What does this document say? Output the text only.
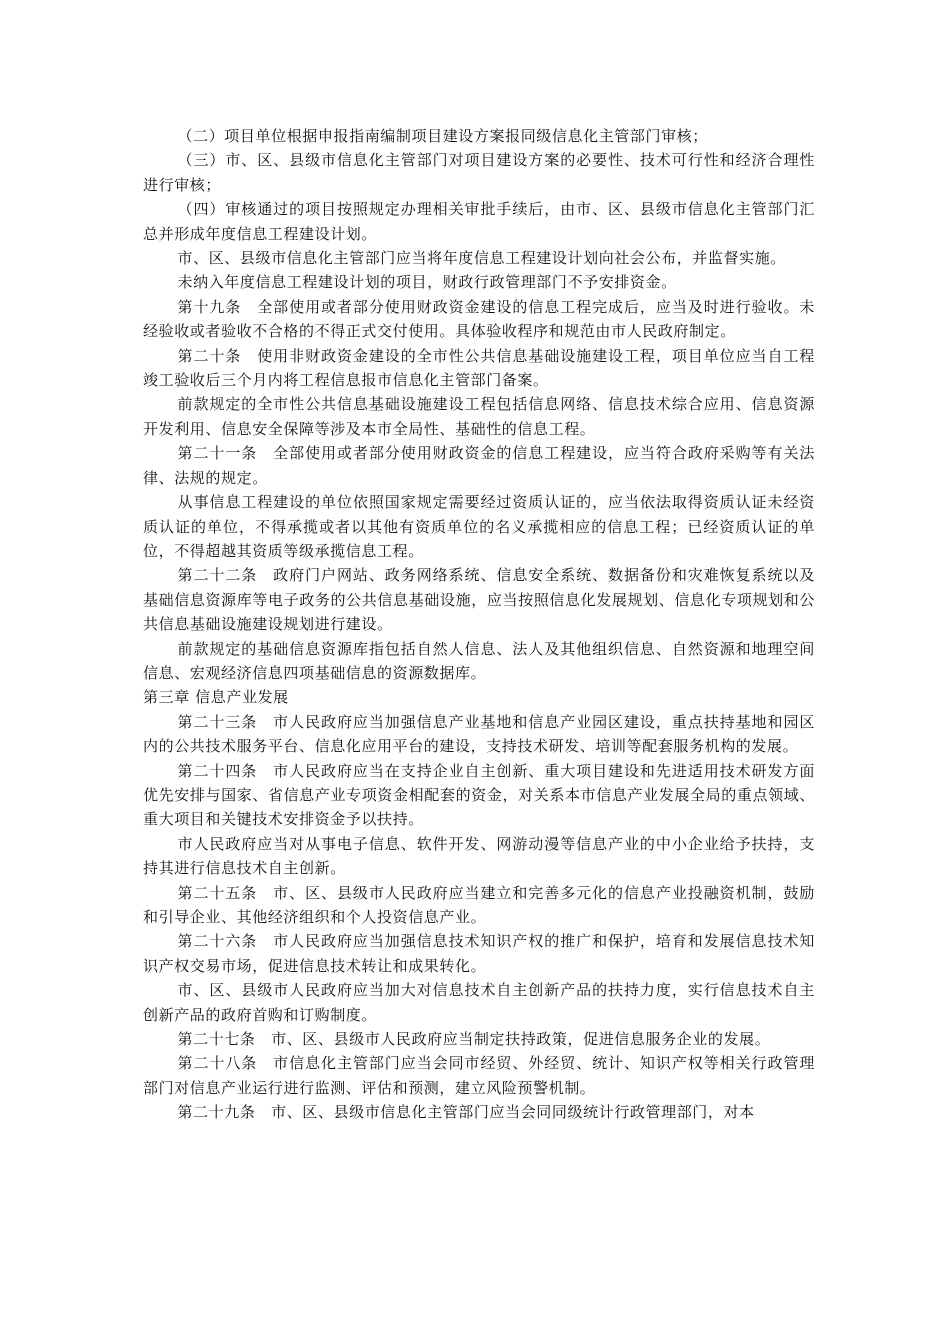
（二）项目单位根据申报指南编制项目建设方案报同级信息化主管部门审核；

（三）市、区、县级市信息化主管部门对项目建设方案的必要性、技术可行性和经济合理性进行审核；

（四）审核通过的项目按照规定办理相关审批手续后，由市、区、县级市信息化主管部门汇总并形成年度信息工程建设计划。

市、区、县级市信息化主管部门应当将年度信息工程建设计划向社会公布，并监督实施。

未纳入年度信息工程建设计划的项目，财政行政管理部门不予安排资金。

第十九条　全部使用或者部分使用财政资金建设的信息工程完成后，应当及时进行验收。未经验收或者验收不合格的不得正式交付使用。具体验收程序和规范由市人民政府制定。

第二十条　使用非财政资金建设的全市性公共信息基础设施建设工程，项目单位应当自工程竣工验收后三个月内将工程信息报市信息化主管部门备案。

前款规定的全市性公共信息基础设施建设工程包括信息网络、信息技术综合应用、信息资源开发利用、信息安全保障等涉及本市全局性、基础性的信息工程。

第二十一条　全部使用或者部分使用财政资金的信息工程建设，应当符合政府采购等有关法律、法规的规定。

从事信息工程建设的单位依照国家规定需要经过资质认证的，应当依法取得资质认证未经资质认证的单位，不得承揽或者以其他有资质单位的名义承揽相应的信息工程；已经资质认证的单位，不得超越其资质等级承揽信息工程。

第二十二条　政府门户网站、政务网络系统、信息安全系统、数据备份和灾难恢复系统以及基础信息资源库等电子政务的公共信息基础设施，应当按照信息化发展规划、信息化专项规划和公共信息基础设施建设规划进行建设。

前款规定的基础信息资源库指包括自然人信息、法人及其他组织信息、自然资源和地理空间信息、宏观经济信息四项基础信息的资源数据库。

第三章 信息产业发展

第二十三条　市人民政府应当加强信息产业基地和信息产业园区建设，重点扶持基地和园区内的公共技术服务平台、信息化应用平台的建设，支持技术研发、培训等配套服务机构的发展。

第二十四条　市人民政府应当在支持企业自主创新、重大项目建设和先进适用技术研发方面优先安排与国家、省信息产业专项资金相配套的资金，对关系本市信息产业发展全局的重点领域、重大项目和关键技术安排资金予以扶持。

市人民政府应当对从事电子信息、软件开发、网游动漫等信息产业的中小企业给予扶持，支持其进行信息技术自主创新。

第二十五条　市、区、县级市人民政府应当建立和完善多元化的信息产业投融资机制，鼓励和引导企业、其他经济组织和个人投资信息产业。

第二十六条　市人民政府应当加强信息技术知识产权的推广和保护，培育和发展信息技术知识产权交易市场，促进信息技术转让和成果转化。

市、区、县级市人民政府应当加大对信息技术自主创新产品的扶持力度，实行信息技术自主创新产品的政府首购和订购制度。

第二十七条　市、区、县级市人民政府应当制定扶持政策，促进信息服务企业的发展。

第二十八条　市信息化主管部门应当会同市经贸、外经贸、统计、知识产权等相关行政管理部门对信息产业运行进行监测、评估和预测，建立风险预警机制。

第二十九条　市、区、县级市信息化主管部门应当会同同级统计行政管理部门，对本
